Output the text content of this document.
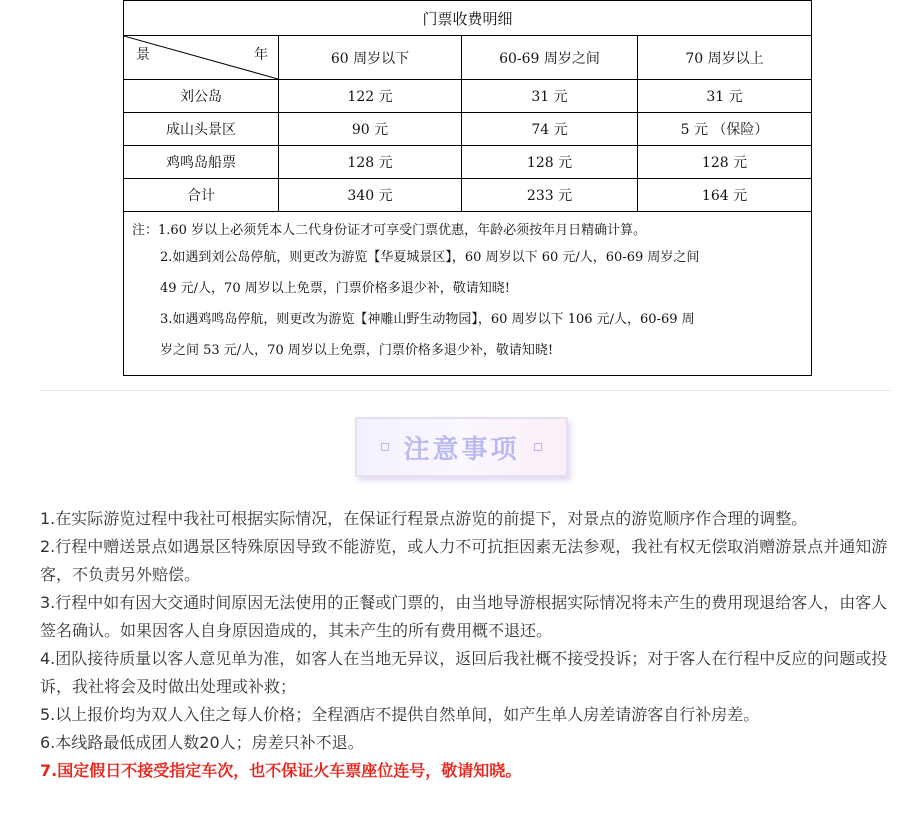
门票收费明细			

景 年	60 周岁以下	60-69 周岁之间	70 周岁以上
刘公岛	122 元	31 元	31 元
成山头景区	90 元	74 元	5 元 （保险）
鸡鸣岛船票	128 元	128 元	128 元
合计	340 元	233 元	164 元

注：1.60 岁以上必须凭本人二代身份证才可享受门票优惠，年龄必须按年月日精确计算。
2.如遇到刘公岛停航，则更改为游览【华夏城景区】，60 周岁以下 60 元/人，60-69 周岁之间
49 元/人，70 周岁以上免票，门票价格多退少补，敬请知晓!
3.如遇鸡鸣岛停航，则更改为游览【神雕山野生动物园】，60 周岁以下 106 元/人，60-69 周
岁之间 53 元/人，70 周岁以上免票，门票价格多退少补，敬请知晓!			
注意事项

1.在实际游览过程中我社可根据实际情况，在保证行程景点游览的前提下，对景点的游览顺序作合理的调整。

2.行程中赠送景点如遇景区特殊原因导致不能游览，或人力不可抗拒因素无法参观，我社有权无偿取消赠游景点并通知游客，不负责另外赔偿。

3.行程中如有因大交通时间原因无法使用的正餐或门票的，由当地导游根据实际情况将未产生的费用现退给客人，由客人签名确认。如果因客人自身原因造成的，其未产生的所有费用概不退还。

4.团队接待质量以客人意见单为准，如客人在当地无异议，返回后我社概不接受投诉；对于客人在行程中反应的问题或投诉，我社将会及时做出处理或补救；

5.以上报价均为双人入住之每人价格；全程酒店不提供自然单间，如产生单人房差请游客自行补房差。

6.本线路最低成团人数20人；房差只补不退。

7.国定假日不接受指定车次，也不保证火车票座位连号，敬请知晓。
